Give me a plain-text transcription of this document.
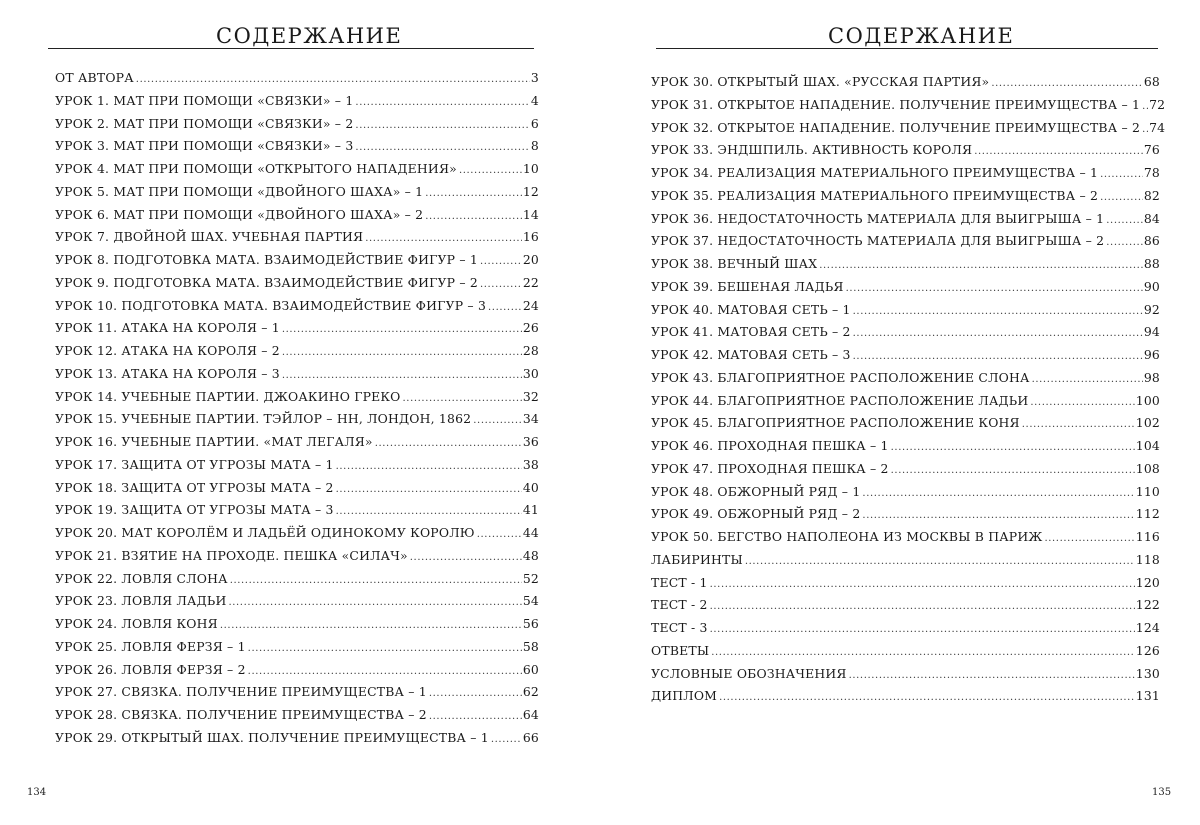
СОДЕРЖАНИЕ
ОТ АВТОРА .....	3
УРОК 1. МАТ ПРИ ПОМОЩИ «СВЯЗКИ» – 1 .....	4
УРОК 2. МАТ ПРИ ПОМОЩИ «СВЯЗКИ» – 2 .....	6
УРОК 3. МАТ ПРИ ПОМОЩИ «СВЯЗКИ» – 3 .....	8
УРОК 4. МАТ ПРИ ПОМОЩИ «ОТКРЫТОГО НАПАДЕНИЯ» .....	10
УРОК 5. МАТ ПРИ ПОМОЩИ «ДВОЙНОГО ШАХА» – 1 .....	12
УРОК 6. МАТ ПРИ ПОМОЩИ «ДВОЙНОГО ШАХА» – 2 .....	14
УРОК 7. ДВОЙНОЙ ШАХ. УЧЕБНАЯ ПАРТИЯ .....	16
УРОК 8. ПОДГОТОВКА МАТА. ВЗАИМОДЕЙСТВИЕ ФИГУР – 1 .....	20
УРОК 9. ПОДГОТОВКА МАТА. ВЗАИМОДЕЙСТВИЕ ФИГУР – 2 .....	22
УРОК 10. ПОДГОТОВКА МАТА. ВЗАИМОДЕЙСТВИЕ ФИГУР – 3 .....	24
УРОК 11. АТАКА НА КОРОЛЯ – 1 .....	26
УРОК 12. АТАКА НА КОРОЛЯ – 2 .....	28
УРОК 13. АТАКА НА КОРОЛЯ – 3 .....	30
УРОК 14. УЧЕБНЫЕ ПАРТИИ. ДЖОАКИНО ГРЕКО .....	32
УРОК 15. УЧЕБНЫЕ ПАРТИИ. ТЭЙЛОР – НН, ЛОНДОН, 1862 .....	34
УРОК 16. УЧЕБНЫЕ ПАРТИИ. «МАТ ЛЕГАЛЯ» .....	36
УРОК 17. ЗАЩИТА ОТ УГРОЗЫ МАТА – 1 .....	38
УРОК 18. ЗАЩИТА ОТ УГРОЗЫ МАТА – 2 .....	40
УРОК 19. ЗАЩИТА ОТ УГРОЗЫ МАТА – 3 .....	41
УРОК 20. МАТ КОРОЛЁМ И ЛАДЬЁЙ ОДИНОКОМУ КОРОЛЮ .....	44
УРОК 21. ВЗЯТИЕ НА ПРОХОДЕ. ПЕШКА «СИЛАЧ» .....	48
УРОК 22. ЛОВЛЯ СЛОНА .....	52
УРОК 23. ЛОВЛЯ ЛАДЬИ .....	54
УРОК 24. ЛОВЛЯ КОНЯ .....	56
УРОК 25. ЛОВЛЯ ФЕРЗЯ – 1 .....	58
УРОК 26. ЛОВЛЯ ФЕРЗЯ – 2 .....	60
УРОК 27. СВЯЗКА. ПОЛУЧЕНИЕ ПРЕИМУЩЕСТВА – 1 .....	62
УРОК 28. СВЯЗКА. ПОЛУЧЕНИЕ ПРЕИМУЩЕСТВА – 2 .....	64
УРОК 29. ОТКРЫТЫЙ ШАХ. ПОЛУЧЕНИЕ ПРЕИМУЩЕСТВА – 1 .....	66
134
СОДЕРЖАНИЕ
УРОК 30. ОТКРЫТЫЙ ШАХ. «РУССКАЯ ПАРТИЯ» .....	68
УРОК 31. ОТКРЫТОЕ НАПАДЕНИЕ. ПОЛУЧЕНИЕ ПРЕИМУЩЕСТВА – 1 ..... 72
УРОК 32. ОТКРЫТОЕ НАПАДЕНИЕ. ПОЛУЧЕНИЕ ПРЕИМУЩЕСТВА – 2 ..... 74
УРОК 33. ЭНДШПИЛЬ. АКТИВНОСТЬ КОРОЛЯ .....	76
УРОК 34. РЕАЛИЗАЦИЯ МАТЕРИАЛЬНОГО ПРЕИМУЩЕСТВА – 1 .....	78
УРОК 35. РЕАЛИЗАЦИЯ МАТЕРИАЛЬНОГО ПРЕИМУЩЕСТВА – 2 .....	82
УРОК 36. НЕДОСТАТОЧНОСТЬ МАТЕРИАЛА ДЛЯ ВЫИГРЫША – 1 .....	84
УРОК 37. НЕДОСТАТОЧНОСТЬ МАТЕРИАЛА ДЛЯ ВЫИГРЫША – 2 .....	86
УРОК 38. ВЕЧНЫЙ ШАХ .....	88
УРОК 39. БЕШЕНАЯ ЛАДЬЯ .....	90
УРОК 40. МАТОВАЯ СЕТЬ – 1 .....	92
УРОК 41. МАТОВАЯ СЕТЬ – 2 .....	94
УРОК 42. МАТОВАЯ СЕТЬ – 3 .....	96
УРОК 43. БЛАГОПРИЯТНОЕ РАСПОЛОЖЕНИЕ СЛОНА .....	98
УРОК 44. БЛАГОПРИЯТНОЕ РАСПОЛОЖЕНИЕ ЛАДЬИ .....	100
УРОК 45. БЛАГОПРИЯТНОЕ РАСПОЛОЖЕНИЕ КОНЯ .....	102
УРОК 46. ПРОХОДНАЯ ПЕШКА – 1 .....	104
УРОК 47. ПРОХОДНАЯ ПЕШКА – 2 .....	108
УРОК 48. ОБЖОРНЫЙ РЯД – 1 .....	110
УРОК 49. ОБЖОРНЫЙ РЯД – 2 .....	112
УРОК 50. БЕГСТВО НАПОЛЕОНА ИЗ МОСКВЫ В ПАРИЖ .....	116
ЛАБИРИНТЫ .....	118
ТЕСТ - 1 .....	120
ТЕСТ - 2 .....	122
ТЕСТ - 3 .....	124
ОТВЕТЫ .....	126
УСЛОВНЫЕ ОБОЗНАЧЕНИЯ .....	130
ДИПЛОМ .....	131
135
